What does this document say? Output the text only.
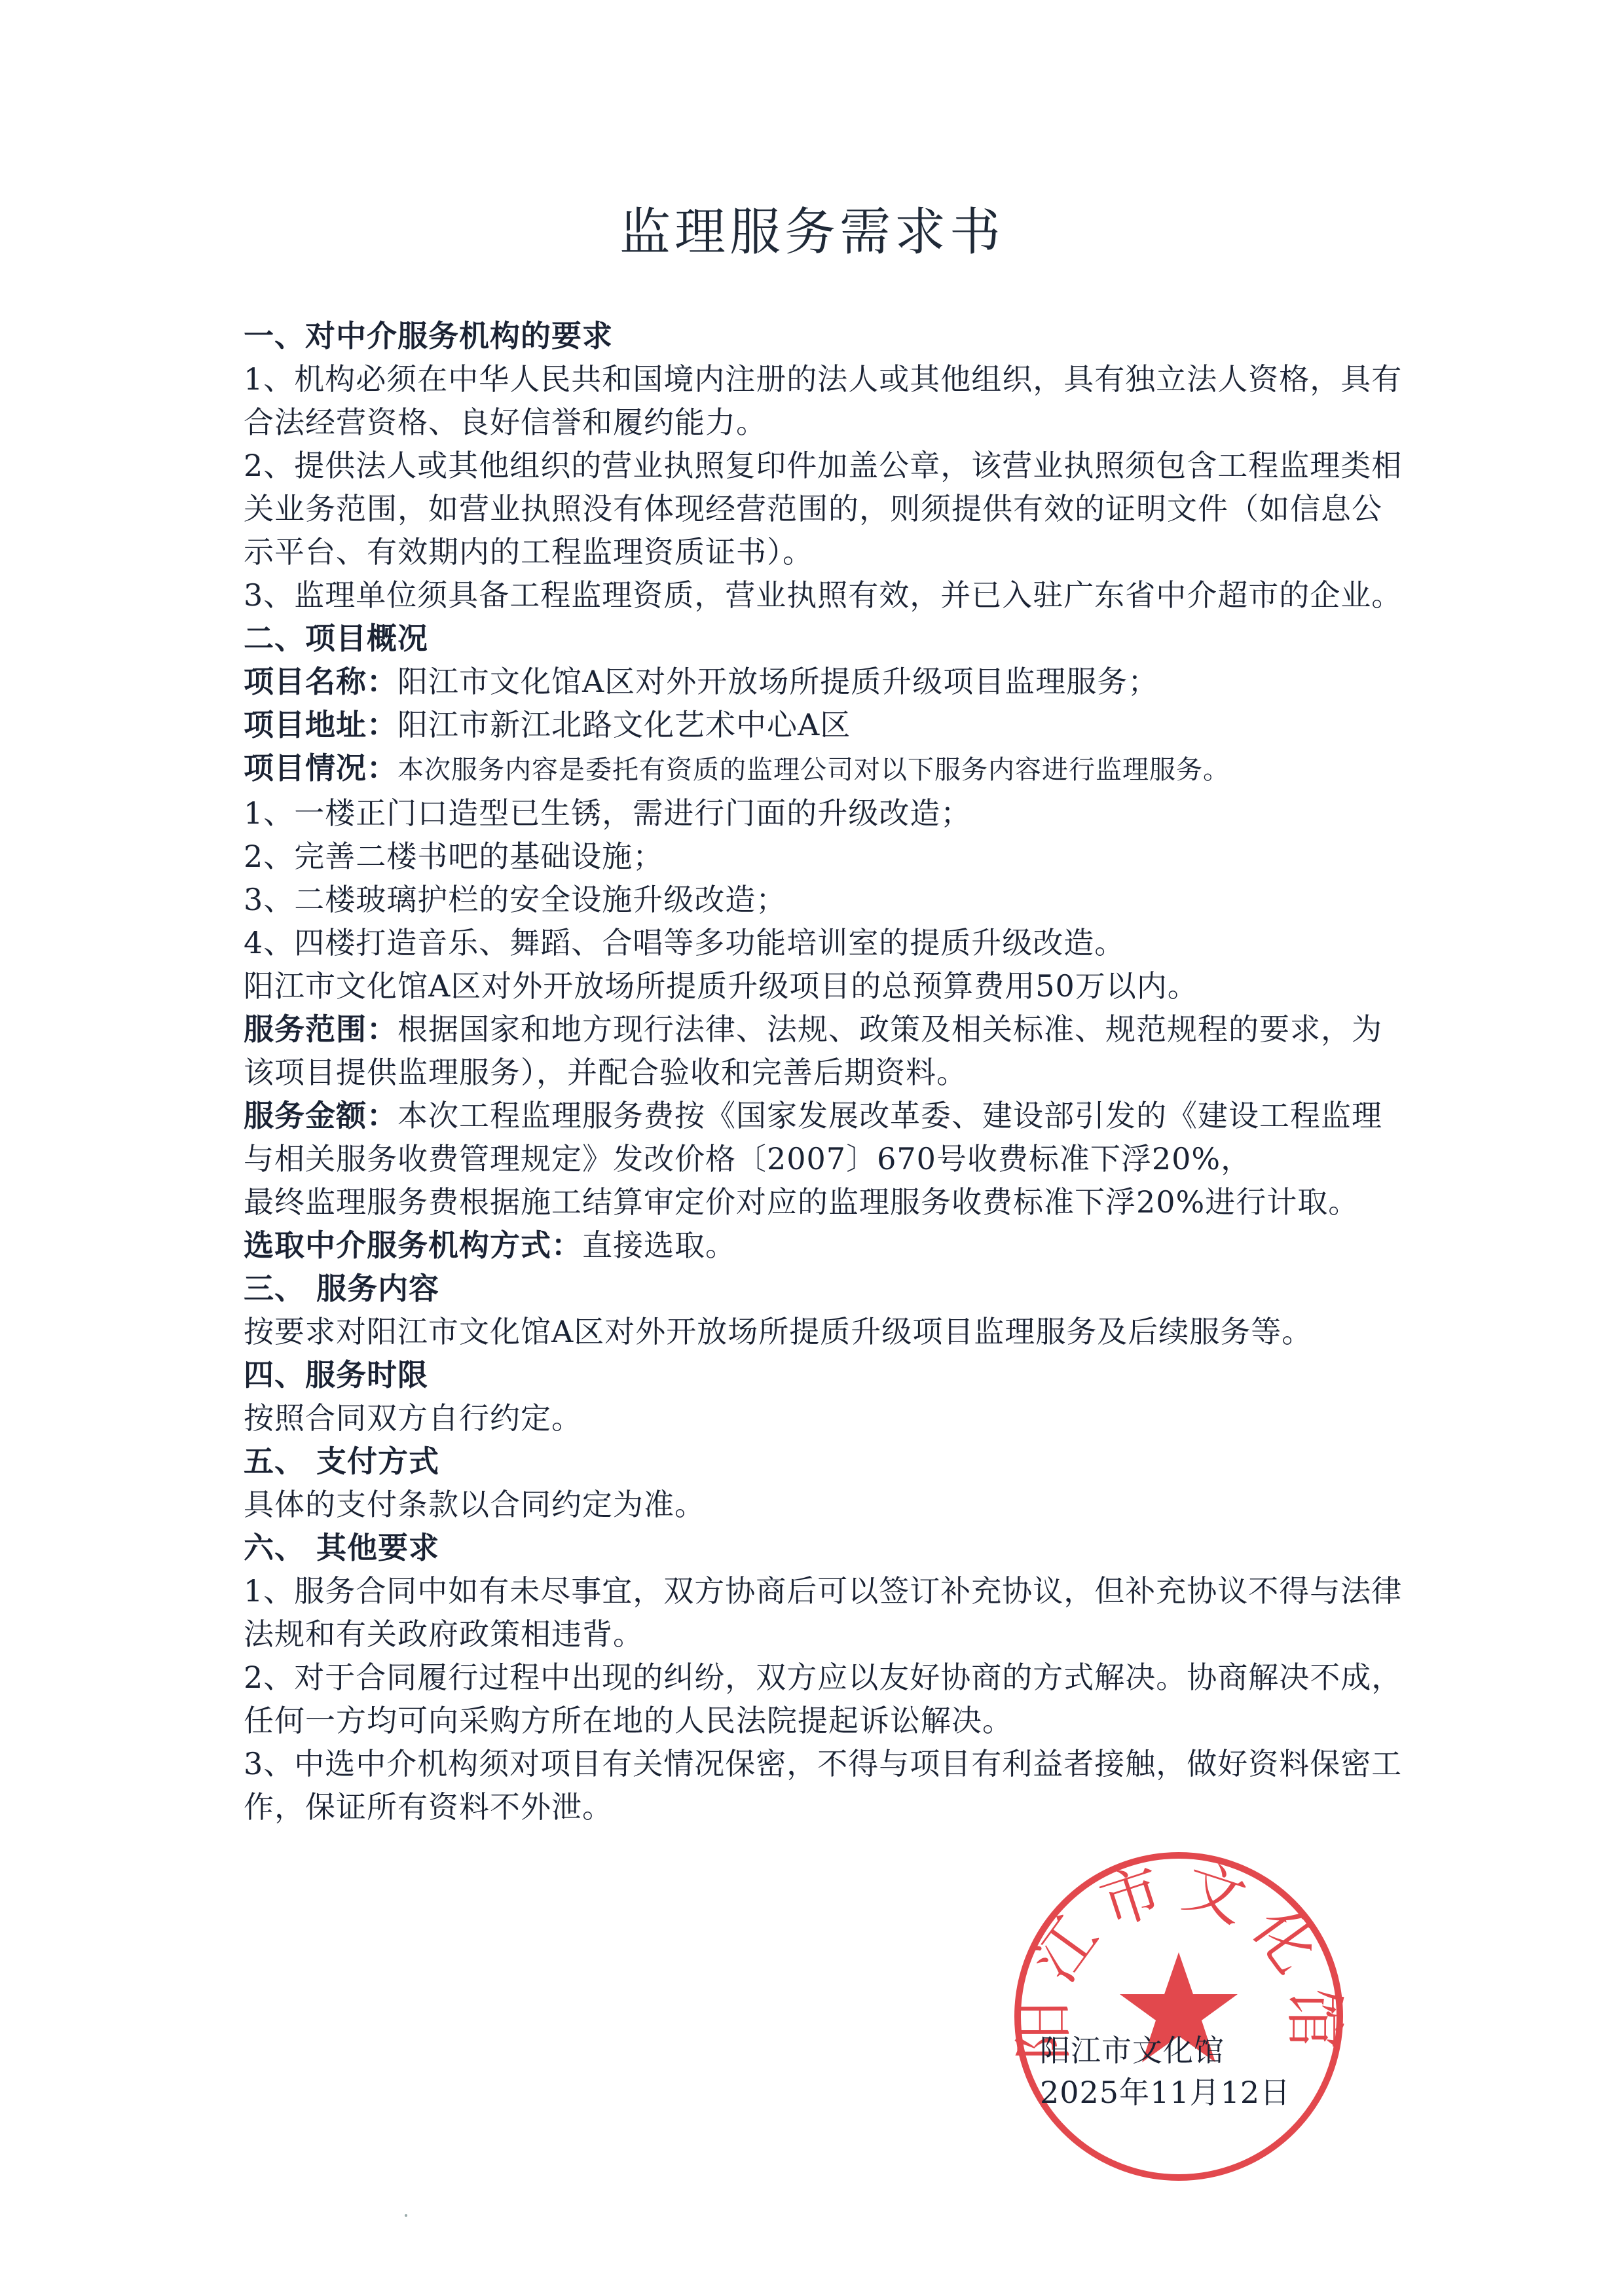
监理服务需求书

一、对中介服务机构的要求

1、机构必须在中华人民共和国境内注册的法人或其他组织，具有独立法人资格，具有合法经营资格、良好信誉和履约能力。

2、提供法人或其他组织的营业执照复印件加盖公章，该营业执照须包含工程监理类相关业务范围，如营业执照没有体现经营范围的，则须提供有效的证明文件（如信息公示平台、有效期内的工程监理资质证书）。

3、监理单位须具备工程监理资质，营业执照有效，并已入驻广东省中介超市的企业。

二、项目概况

项目名称：阳江市文化馆A区对外开放场所提质升级项目监理服务；

项目地址：阳江市新江北路文化艺术中心A区

项目情况：本次服务内容是委托有资质的监理公司对以下服务内容进行监理服务。

1、一楼正门口造型已生锈，需进行门面的升级改造；

2、完善二楼书吧的基础设施；

3、二楼玻璃护栏的安全设施升级改造；

4、四楼打造音乐、舞蹈、合唱等多功能培训室的提质升级改造。

阳江市文化馆A区对外开放场所提质升级项目的总预算费用50万以内。

服务范围：根据国家和地方现行法律、法规、政策及相关标准、规范规程的要求，为该项目提供监理服务），并配合验收和完善后期资料。

服务金额：本次工程监理服务费按《国家发展改革委、建设部引发的《建设工程监理与相关服务收费管理规定》发改价格〔2007〕670号收费标准下浮20%，

最终监理服务费根据施工结算审定价对应的监理服务收费标准下浮20%进行计取。

选取中介服务机构方式：直接选取。

三、 服务内容

按要求对阳江市文化馆A区对外开放场所提质升级项目监理服务及后续服务等。

四、服务时限

按照合同双方自行约定。

五、 支付方式

具体的支付条款以合同约定为准。

六、 其他要求

1、服务合同中如有未尽事宜，双方协商后可以签订补充协议，但补充协议不得与法律法规和有关政府政策相违背。

2、对于合同履行过程中出现的纠纷，双方应以友好协商的方式解决。协商解决不成，任何一方均可向采购方所在地的人民法院提起诉讼解决。

3、中选中介机构须对项目有关情况保密，不得与项目有利益者接触，做好资料保密工作，保证所有资料不外泄。

阳江市文化馆

阳江市文化馆

2025年11月12日
